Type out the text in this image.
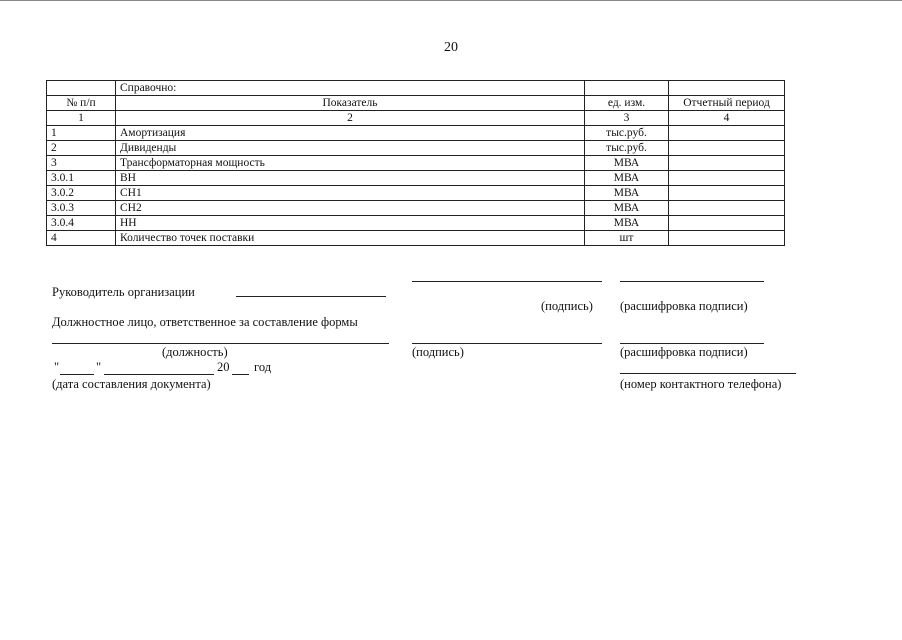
20
	Справочно:		
№ п/п	Показатель	ед. изм.	Отчетный период
1	2	3	4
1	Амортизация	тыс.руб.	
2	Дивиденды	тыс.руб.	
3	Трансформаторная мощность	МВА	
3.0.1	ВН	МВА	
3.0.2	СН1	МВА	
3.0.3	СН2	МВА	
3.0.4	НН	МВА	
4	Количество точек поставки	шт	
Руководитель организации
(подпись) (расшифровка подписи)
Должностное лицо, ответственное за составление формы
(должность)	(подпись)	(расшифровка подписи)
"	"	20 год
(дата составления документа)	(номер контактного телефона)
